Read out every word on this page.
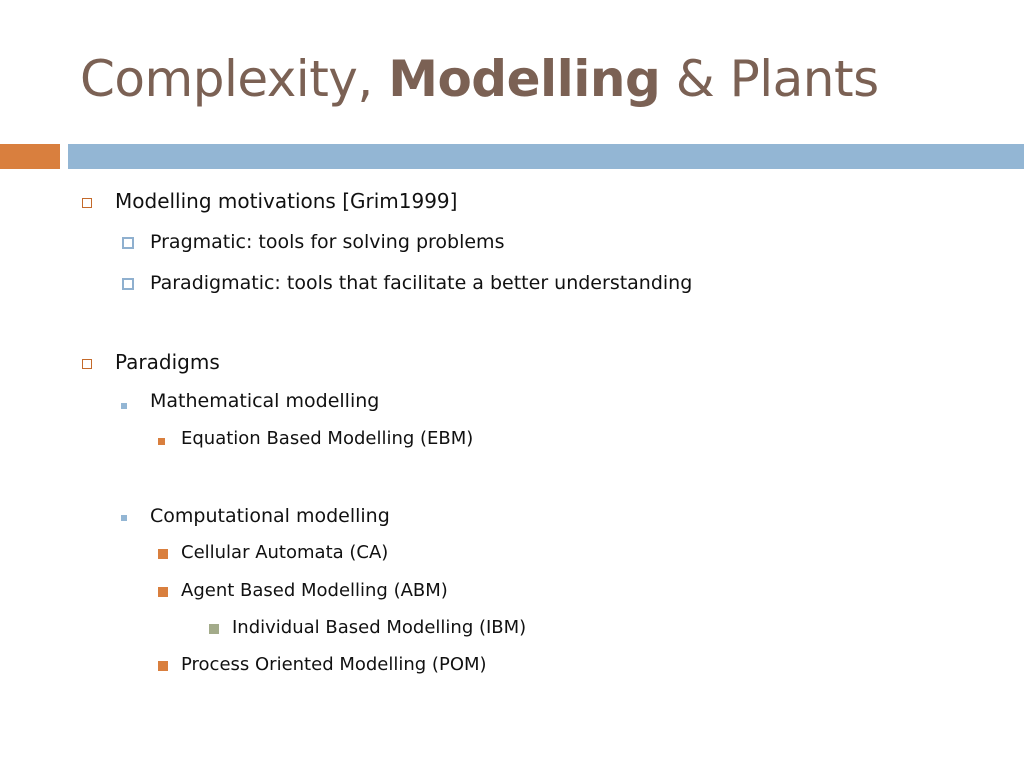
Complexity, Modelling & Plants
Modelling motivations [Grim1999]
Pragmatic: tools for solving problems
Paradigmatic: tools that facilitate a better understanding
Paradigms
Mathematical modelling
Equation Based Modelling (EBM)
Computational modelling
Cellular Automata (CA)
Agent Based Modelling (ABM)
Individual Based Modelling (IBM)
Process Oriented Modelling (POM)
